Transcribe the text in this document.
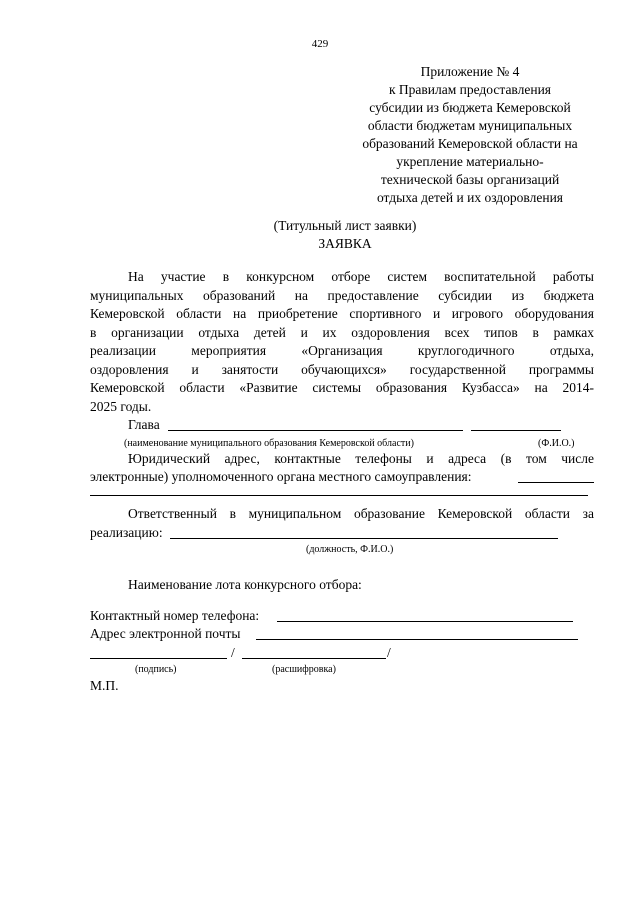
429
Приложение № 4
к Правилам предоставления
субсидии из бюджета Кемеровской
области бюджетам муниципальных
образований Кемеровской области на
укрепление материально-
технической базы организаций
отдыха детей и их оздоровления
(Титульный лист заявки)
ЗАЯВКА
На участие в конкурсном отборе систем воспитательной работы
муниципальных образований на предоставление субсидии из бюджета
Кемеровской области на приобретение спортивного и игрового оборудования
в организации отдыха детей и их оздоровления всех типов в рамках
реализации мероприятия «Организация круглогодичного отдыха,
оздоровления и занятости обучающихся» государственной программы
Кемеровской области «Развитие системы образования Кузбасса» на 2014-
2025 годы.
Глава
(наименование муниципального образования Кемеровской области)	(Ф.И.О.)
Юридический адрес, контактные телефоны и адреса (в том числе
электронные) уполномоченного органа местного самоуправления:
Ответственный в муниципальном образование Кемеровской области за
реализацию:
(должность, Ф.И.О.)
Наименование лота конкурсного отбора:
Контактный номер телефона:
Адрес электронной почты
/	/
(подпись)	(расшифровка)
М.П.
